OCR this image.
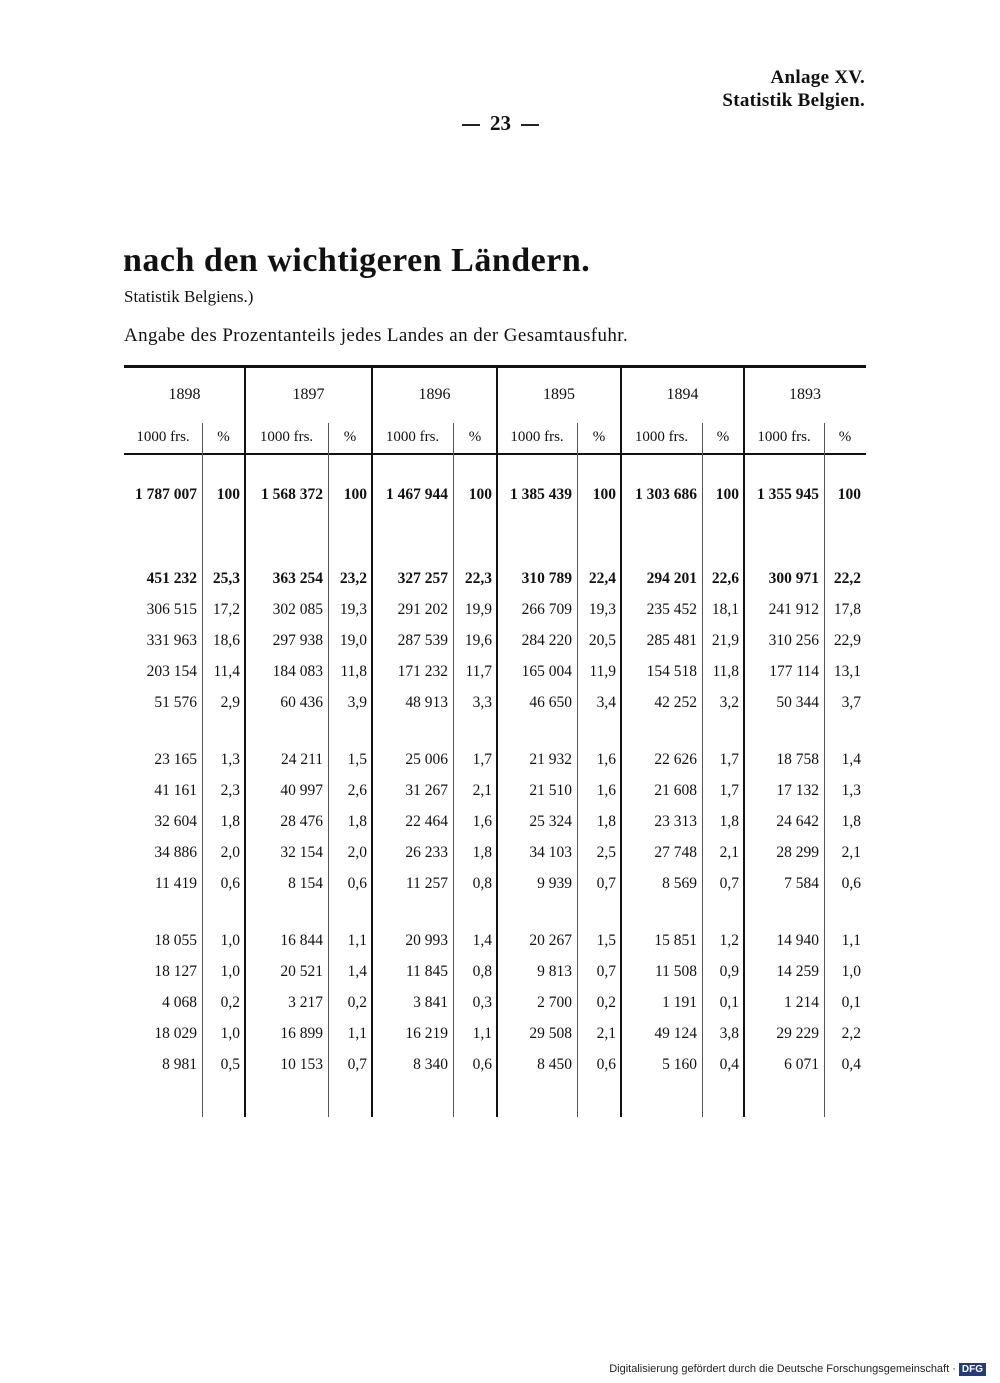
Anlage XV.
Statistik Belgien.
23
nach den wichtigeren Ländern.
Statistik Belgiens.)
Angabe des Prozentanteils jedes Landes an der Gesamtausfuhr.
1898		1897		1896		1895		1894		1893	
1000 frs.	%	1000 frs.	%	1000 frs.	%	1000 frs.	%	1000 frs.	%	1000 frs.	%

1 787 007	100	1 568 372	100	1 467 944	100	1 385 439	100	1 303 686	100	1 355 945	100

451 232	25,3	363 254	23,2	327 257	22,3	310 789	22,4	294 201	22,6	300 971	22,2
306 515	17,2	302 085	19,3	291 202	19,9	266 709	19,3	235 452	18,1	241 912	17,8
331 963	18,6	297 938	19,0	287 539	19,6	284 220	20,5	285 481	21,9	310 256	22,9
203 154	11,4	184 083	11,8	171 232	11,7	165 004	11,9	154 518	11,8	177 114	13,1
51 576	2,9	60 436	3,9	48 913	3,3	46 650	3,4	42 252	3,2	50 344	3,7

23 165	1,3	24 211	1,5	25 006	1,7	21 932	1,6	22 626	1,7	18 758	1,4
41 161	2,3	40 997	2,6	31 267	2,1	21 510	1,6	21 608	1,7	17 132	1,3
32 604	1,8	28 476	1,8	22 464	1,6	25 324	1,8	23 313	1,8	24 642	1,8
34 886	2,0	32 154	2,0	26 233	1,8	34 103	2,5	27 748	2,1	28 299	2,1
11 419	0,6	8 154	0,6	11 257	0,8	9 939	0,7	8 569	0,7	7 584	0,6

18 055	1,0	16 844	1,1	20 993	1,4	20 267	1,5	15 851	1,2	14 940	1,1
18 127	1,0	20 521	1,4	11 845	0,8	9 813	0,7	11 508	0,9	14 259	1,0
4 068	0,2	3 217	0,2	3 841	0,3	2 700	0,2	1 191	0,1	1 214	0,1
18 029	1,0	16 899	1,1	16 219	1,1	29 508	2,1	49 124	3,8	29 229	2,2
8 981	0,5	10 153	0,7	8 340	0,6	8 450	0,6	5 160	0,4	6 071	0,4
Digitalisierung gefördert durch die Deutsche Forschungsgemeinschaft · DFG
